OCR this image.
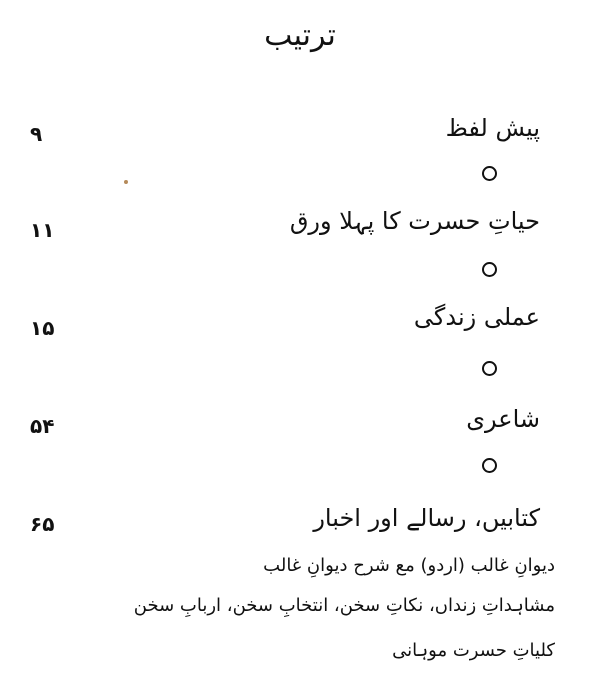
ترتیب
پیش لفظ
۹
حیاتِ حسرت کا پہلا ورق
۱۱
عملی زندگی
۱۵
شاعری
۵۴
کتابیں، رسالے اور اخبار
۶۵
دیوانِ غالب (اردو) مع شرح دیوانِ غالب
مشاہداتِ زنداں، نکاتِ سخن، انتخابِ سخن، اربابِ سخن
کلیاتِ حسرت موہانی
